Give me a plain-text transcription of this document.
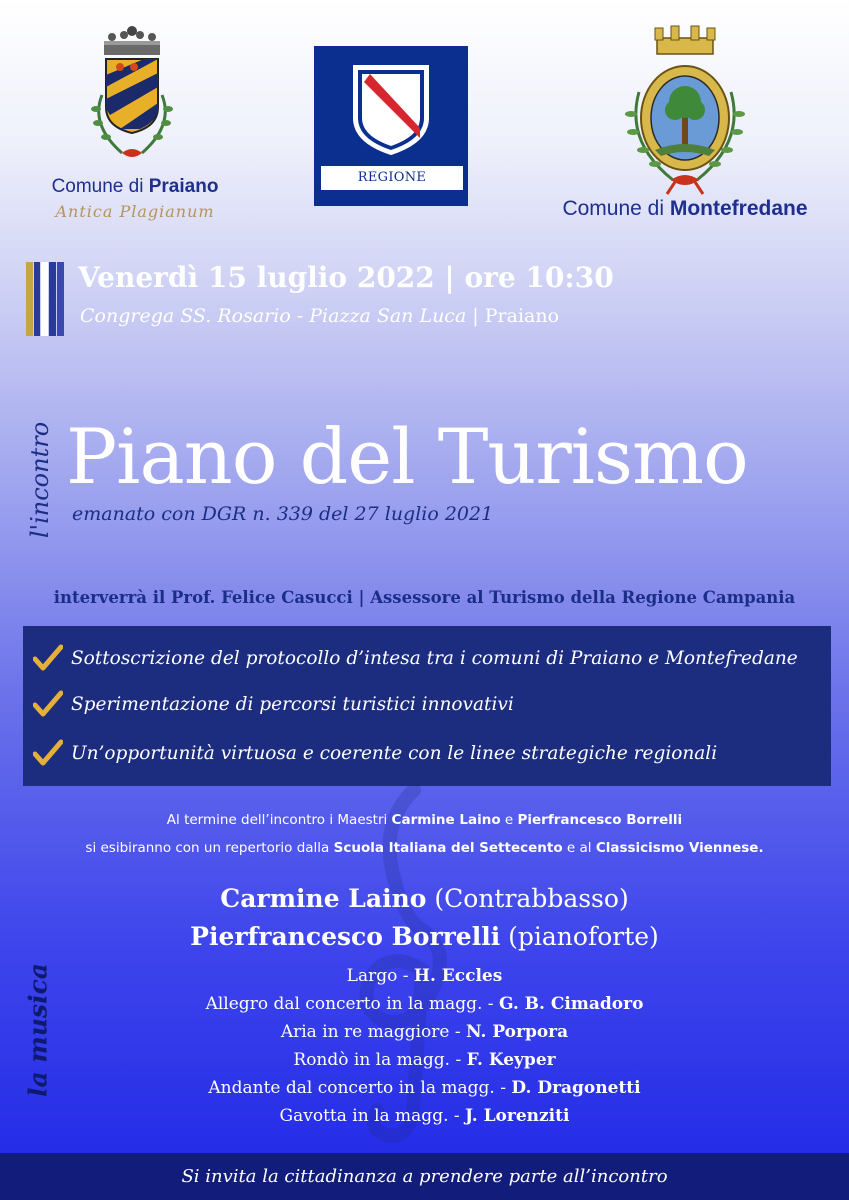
Comune di Praiano
Antica Plagianum
REGIONE CAMPANIA	Comune di Montefredane
Venerdì 15 luglio 2022 | ore 10:30
Congrega SS. Rosario - Piazza San Luca | Praiano
l'incontro Piano del Turismo
emanato con DGR n. 339 del 27 luglio 2021
interverrà il Prof. Felice Casucci | Assessore al Turismo della Regione Campania
Sottoscrizione del protocollo d’intesa tra i comuni di Praiano e Montefredane
Sperimentazione di percorsi turistici innovativi
Un’opportunità virtuosa e coerente con le linee strategiche regionali
Al termine dell’incontro i Maestri Carmine Laino e Pierfrancesco Borrelli
si esibiranno con un repertorio dalla Scuola Italiana del Settecento e al Classicismo Viennese.
Carmine Laino (Contrabbasso)
Pierfrancesco Borrelli (pianoforte)
la musica	Largo - H. Eccles
Allegro dal concerto in la magg. - G. B. Cimadoro
Aria in re maggiore - N. Porpora
Rondò in la magg. - F. Keyper
Andante dal concerto in la magg. - D. Dragonetti
Gavotta in la magg. - J. Lorenziti
Si invita la cittadinanza a prendere parte all’incontro
